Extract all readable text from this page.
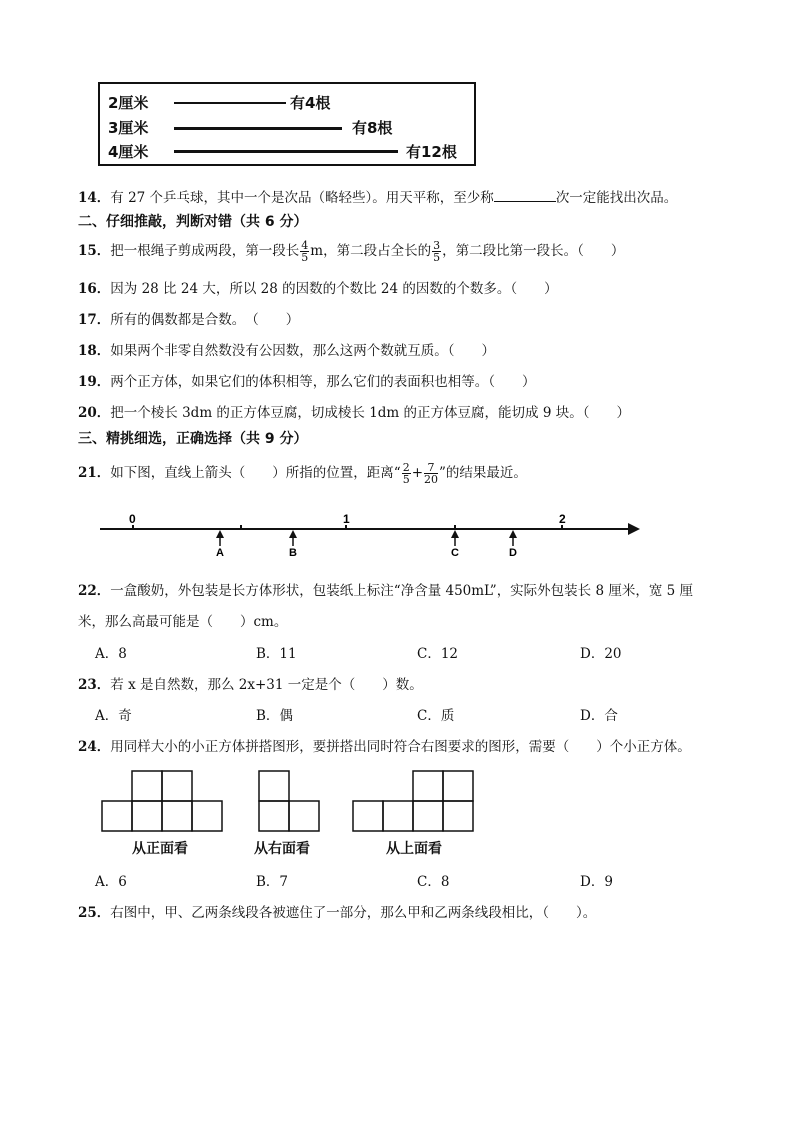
2厘米	有4根
3厘米	有8根
4厘米	有12根
14．有 27 个乒乓球，其中一个是次品（略轻些）。用天平称，至少称	次一定能找出次品。
二、仔细推敲，判断对错（共 6 分）
15．把一根绳子剪成两段，第一段长 $\frac{4}{5}$ m，第二段占全长的 $\frac{3}{5}$ ，第二段比第一段长。（　　）
16．因为 28 比 24 大，所以 28 的因数的个数比 24 的因数的个数多。（　　）
17．所有的偶数都是合数。　（　　）
18．如果两个非零自然数没有公因数，那么这两个数就互质。（　　）
19．两个正方体，如果它们的体积相等，那么它们的表面积也相等。（　　）
20．把一个棱长 3dm 的正方体豆腐，切成棱长 1dm 的正方体豆腐，能切成 9 块。（　　）
三、精挑细选，正确选择（共 9 分）
21．如下图，直线上箭头（　　）所指的位置，距离“ $\frac{2}{5} + \frac{7}{20}$ ”的结果最近。
0	1	2
A	B	C	D
22．一盒酸奶，外包装是长方体形状，包装纸上标注“净含量 450mL”，实际外包装长 8 厘米，宽 5 厘
米，那么高最可能是（　　）cm。
A．8	B．11	C．12	D．20
23．若 x 是自然数，那么 2x+31 一定是个（　　）数。
A．奇	B．偶	C．质	D．合
24．用同样大小的小正方体拼搭图形，要拼搭出同时符合右图要求的图形，需要（　　）个小正方体。
从正面看	从右面看	从上面看
A．6	B．7	C．8	D．9
25．右图中，甲、乙两条线段各被遮住了一部分，那么甲和乙两条线段相比，（　　）。
